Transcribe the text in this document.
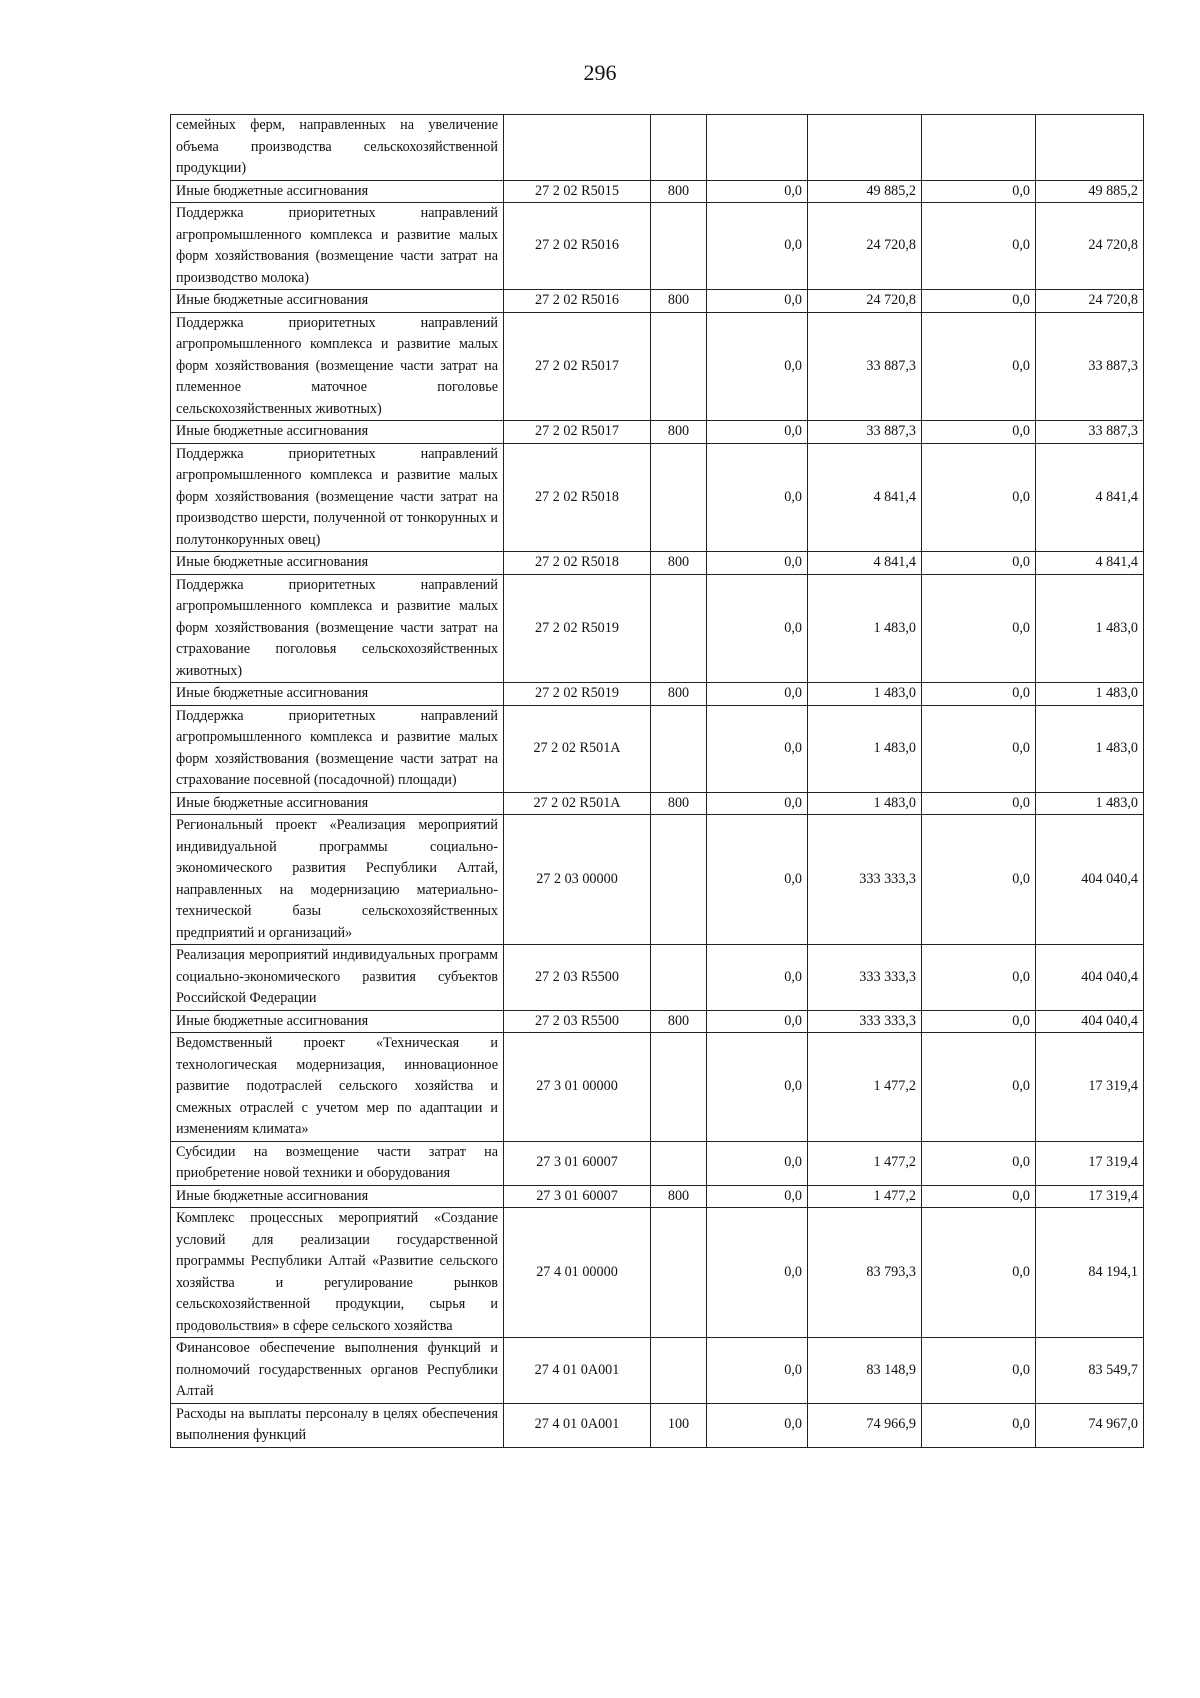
296
семейных ферм, направленных на увеличение объема производства сельскохозяйственной продукции)						
Иные бюджетные ассигнования	27 2 02 R5015	800	0,0	49 885,2	0,0	49 885,2
Поддержка приоритетных направлений агропромышленного комплекса и развитие малых форм хозяйствования (возмещение части затрат на производство молока)	27 2 02 R5016		0,0	24 720,8	0,0	24 720,8
Иные бюджетные ассигнования	27 2 02 R5016	800	0,0	24 720,8	0,0	24 720,8
Поддержка приоритетных направлений агропромышленного комплекса и развитие малых форм хозяйствования (возмещение части затрат на племенное маточное поголовье сельскохозяйственных животных)	27 2 02 R5017		0,0	33 887,3	0,0	33 887,3
Иные бюджетные ассигнования	27 2 02 R5017	800	0,0	33 887,3	0,0	33 887,3
Поддержка приоритетных направлений агропромышленного комплекса и развитие малых форм хозяйствования (возмещение части затрат на производство шерсти, полученной от тонкорунных и полутонкорунных овец)	27 2 02 R5018		0,0	4 841,4	0,0	4 841,4
Иные бюджетные ассигнования	27 2 02 R5018	800	0,0	4 841,4	0,0	4 841,4
Поддержка приоритетных направлений агропромышленного комплекса и развитие малых форм хозяйствования (возмещение части затрат на страхование поголовья сельскохозяйственных животных)	27 2 02 R5019		0,0	1 483,0	0,0	1 483,0
Иные бюджетные ассигнования	27 2 02 R5019	800	0,0	1 483,0	0,0	1 483,0
Поддержка приоритетных направлений агропромышленного комплекса и развитие малых форм хозяйствования (возмещение части затрат на страхование посевной (посадочной) площади)	27 2 02 R501A		0,0	1 483,0	0,0	1 483,0
Иные бюджетные ассигнования	27 2 02 R501A	800	0,0	1 483,0	0,0	1 483,0
Региональный проект «Реализация мероприятий индивидуальной программы социально-экономического развития Республики Алтай, направленных на модернизацию материально-технической базы сельскохозяйственных предприятий и организаций»	27 2 03 00000		0,0	333 333,3	0,0	404 040,4
Реализация мероприятий индивидуальных программ социально-экономического развития субъектов Российской Федерации	27 2 03 R5500		0,0	333 333,3	0,0	404 040,4
Иные бюджетные ассигнования	27 2 03 R5500	800	0,0	333 333,3	0,0	404 040,4
Ведомственный проект «Техническая и технологическая модернизация, инновационное развитие подотраслей сельского хозяйства и смежных отраслей с учетом мер по адаптации и изменениям климата»	27 3 01 00000		0,0	1 477,2	0,0	17 319,4
Субсидии на возмещение части затрат на приобретение новой техники и оборудования	27 3 01 60007		0,0	1 477,2	0,0	17 319,4
Иные бюджетные ассигнования	27 3 01 60007	800	0,0	1 477,2	0,0	17 319,4
Комплекс процессных мероприятий «Создание условий для реализации государственной программы Республики Алтай «Развитие сельского хозяйства и регулирование рынков сельскохозяйственной продукции, сырья и продовольствия» в сфере сельского хозяйства	27 4 01 00000		0,0	83 793,3	0,0	84 194,1
Финансовое обеспечение выполнения функций и полномочий государственных органов Республики Алтай	27 4 01 0A001		0,0	83 148,9	0,0	83 549,7
Расходы на выплаты персоналу в целях обеспечения выполнения функций	27 4 01 0A001	100	0,0	74 966,9	0,0	74 967,0
